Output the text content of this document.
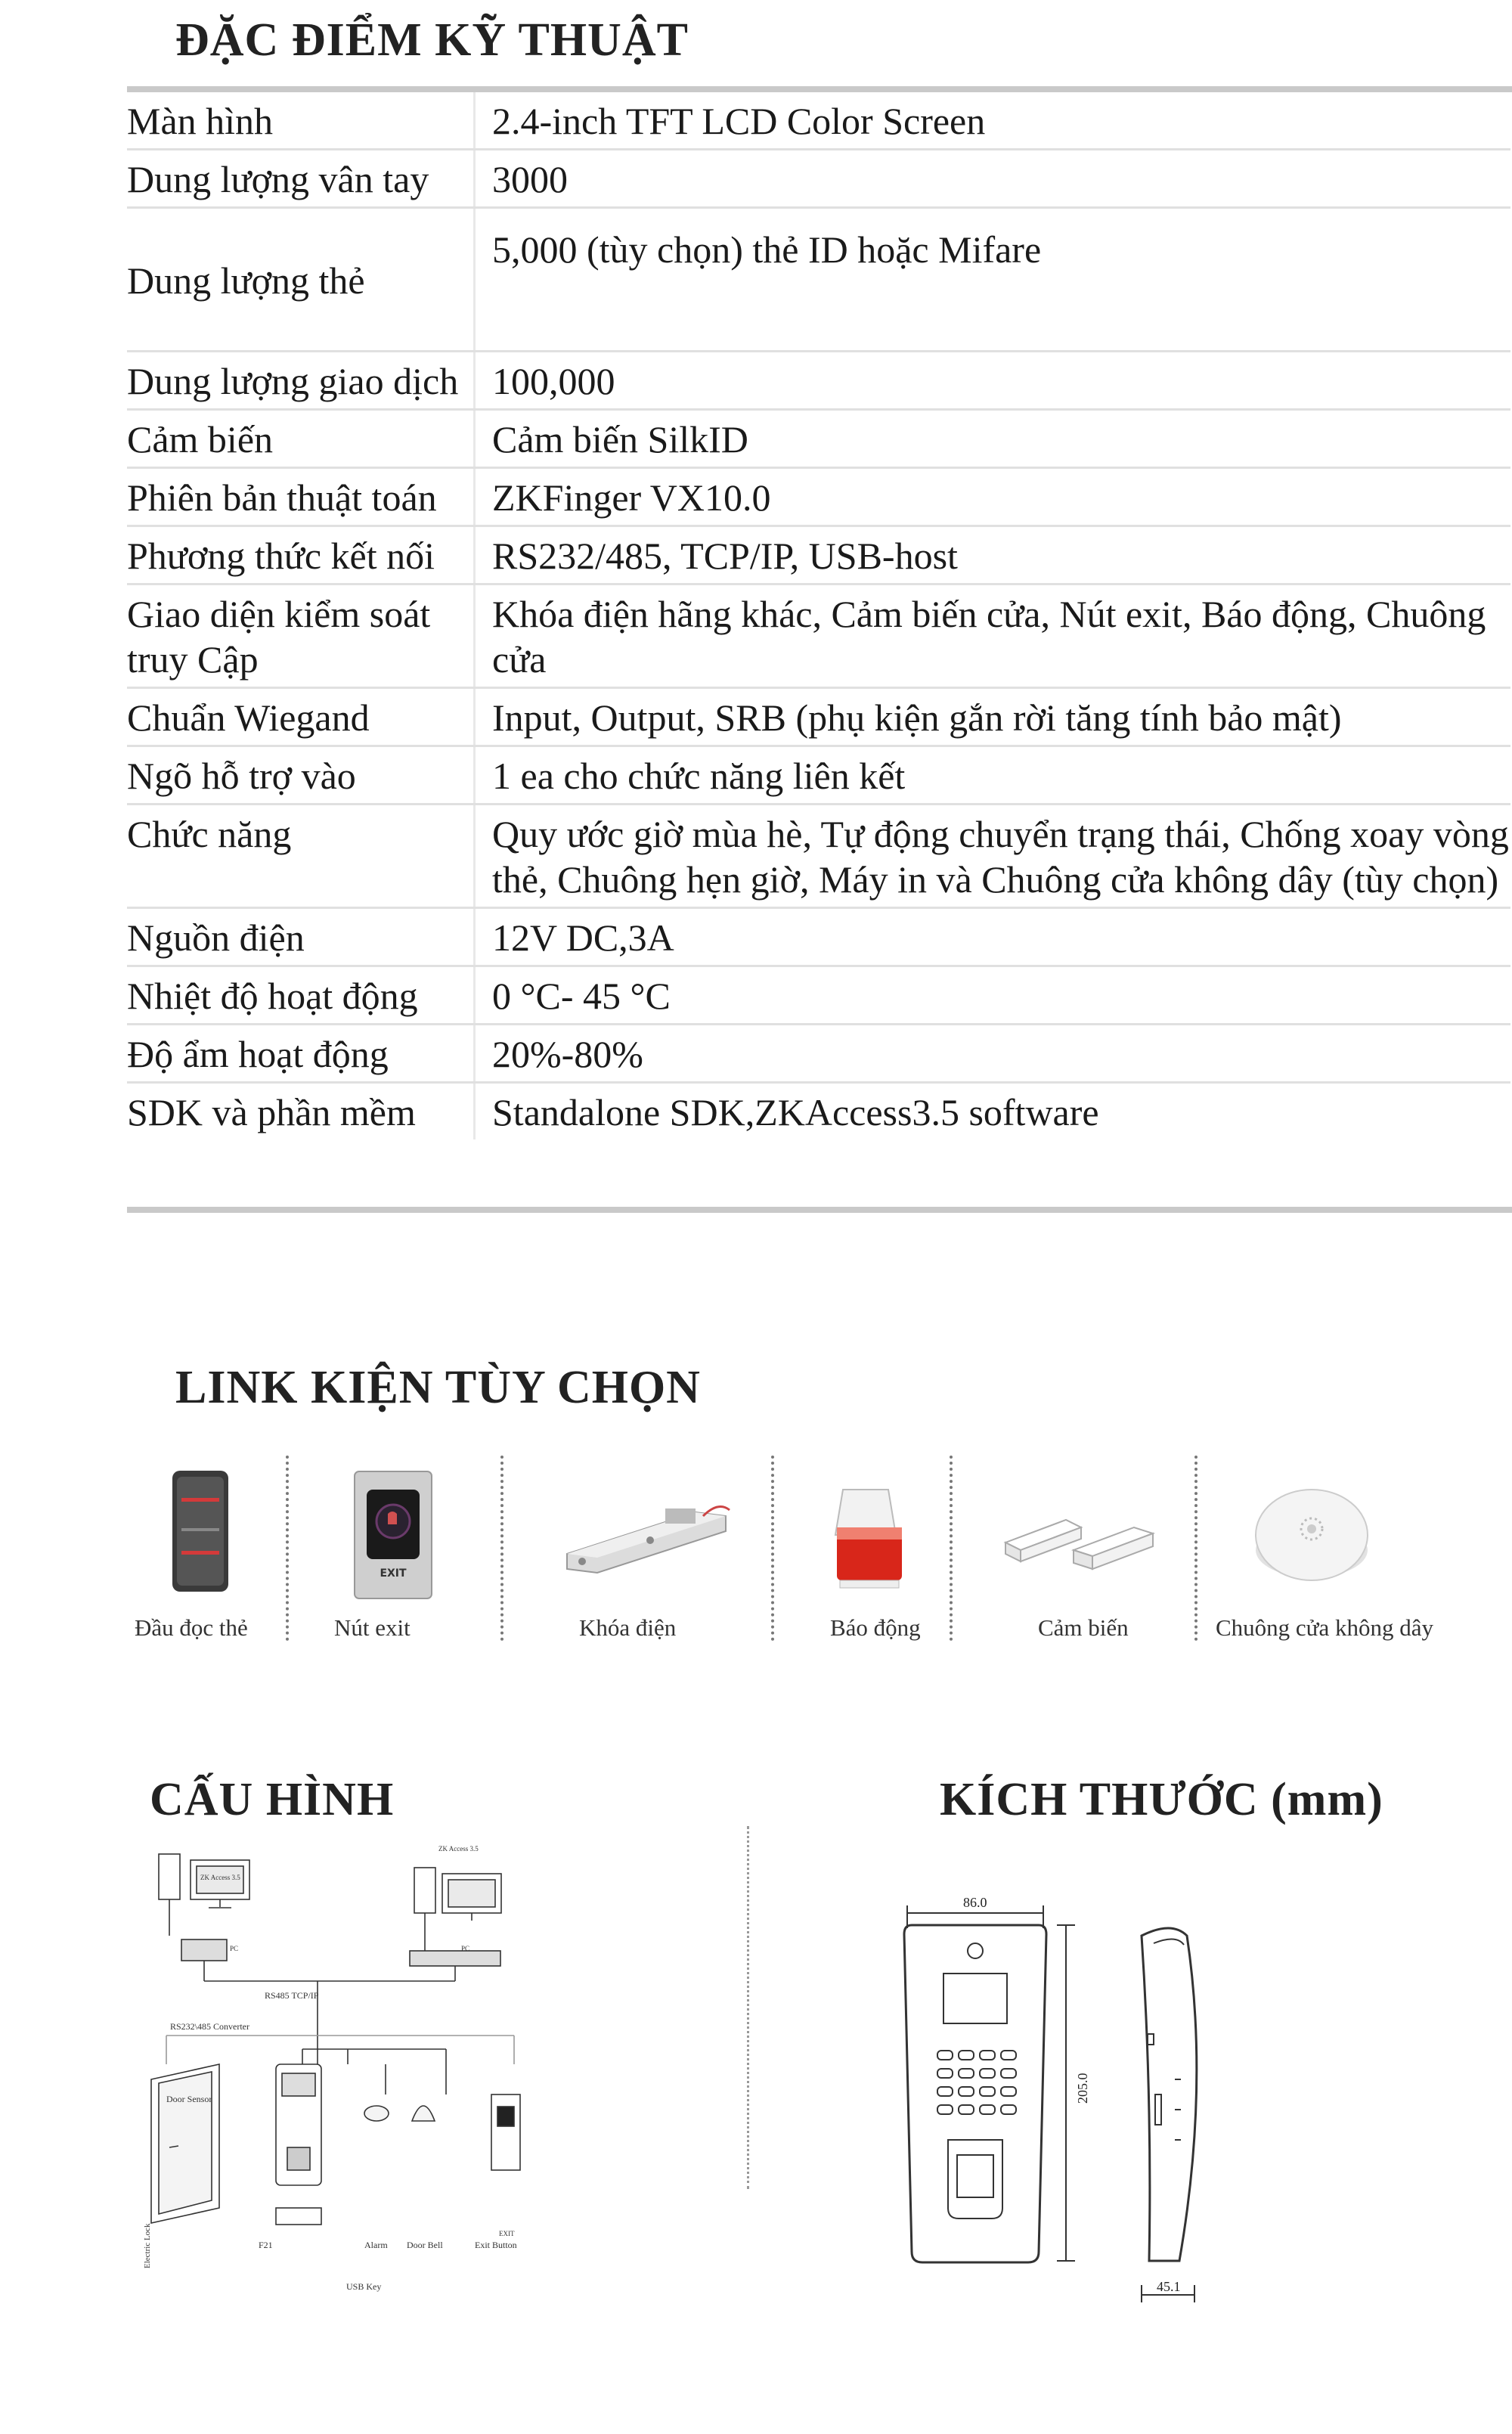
ĐẶC ĐIỂM KỸ THUẬT
Màn hình	2.4-inch TFT LCD Color Screen
Dung lượng vân tay	3000
Dung lượng thẻ	5,000 (tùy chọn) thẻ ID hoặc Mifare
Dung lượng giao dịch	100,000
Cảm biến	Cảm biến SilkID
Phiên bản thuật toán	ZKFinger VX10.0
Phương thức kết nối	RS232/485, TCP/IP, USB-host
Giao diện kiểm soát truy Cập	Khóa điện hãng khác, Cảm biến cửa, Nút exit, Báo động, Chuông cửa
Chuẩn Wiegand	Input, Output, SRB (phụ kiện gắn rời tăng tính bảo mật)
Ngõ hỗ trợ vào	1 ea cho chức năng liên kết
Chức năng	Quy ước giờ mùa hè, Tự động chuyển trạng thái, Chống xoay vòng thẻ, Chuông hẹn giờ, Máy in và Chuông cửa không dây (tùy chọn)
Nguồn điện	12V DC,3A
Nhiệt độ hoạt động	0 °C- 45 °C
Độ ẩm hoạt động	20%-80%
SDK và phần mềm	Standalone SDK,ZKAccess3.5 software
LINK KIỆN TÙY CHỌN
Đầu đọc thẻ
EXIT
Nút exit	Khóa điện	Báo động	Cảm biến	Chuông cửa không dây
CẤU HÌNH
ZK Access 3.5
ZK Access 3.5
PC	PC
RS485 TCP/IP
RS232\485 Converter
Door Sensor
Electric Lock	F21	Alarm Door Bell	Exit Button
EXIT
USB Key
KÍCH THƯỚC (mm)
86.0
205.0
45.1
